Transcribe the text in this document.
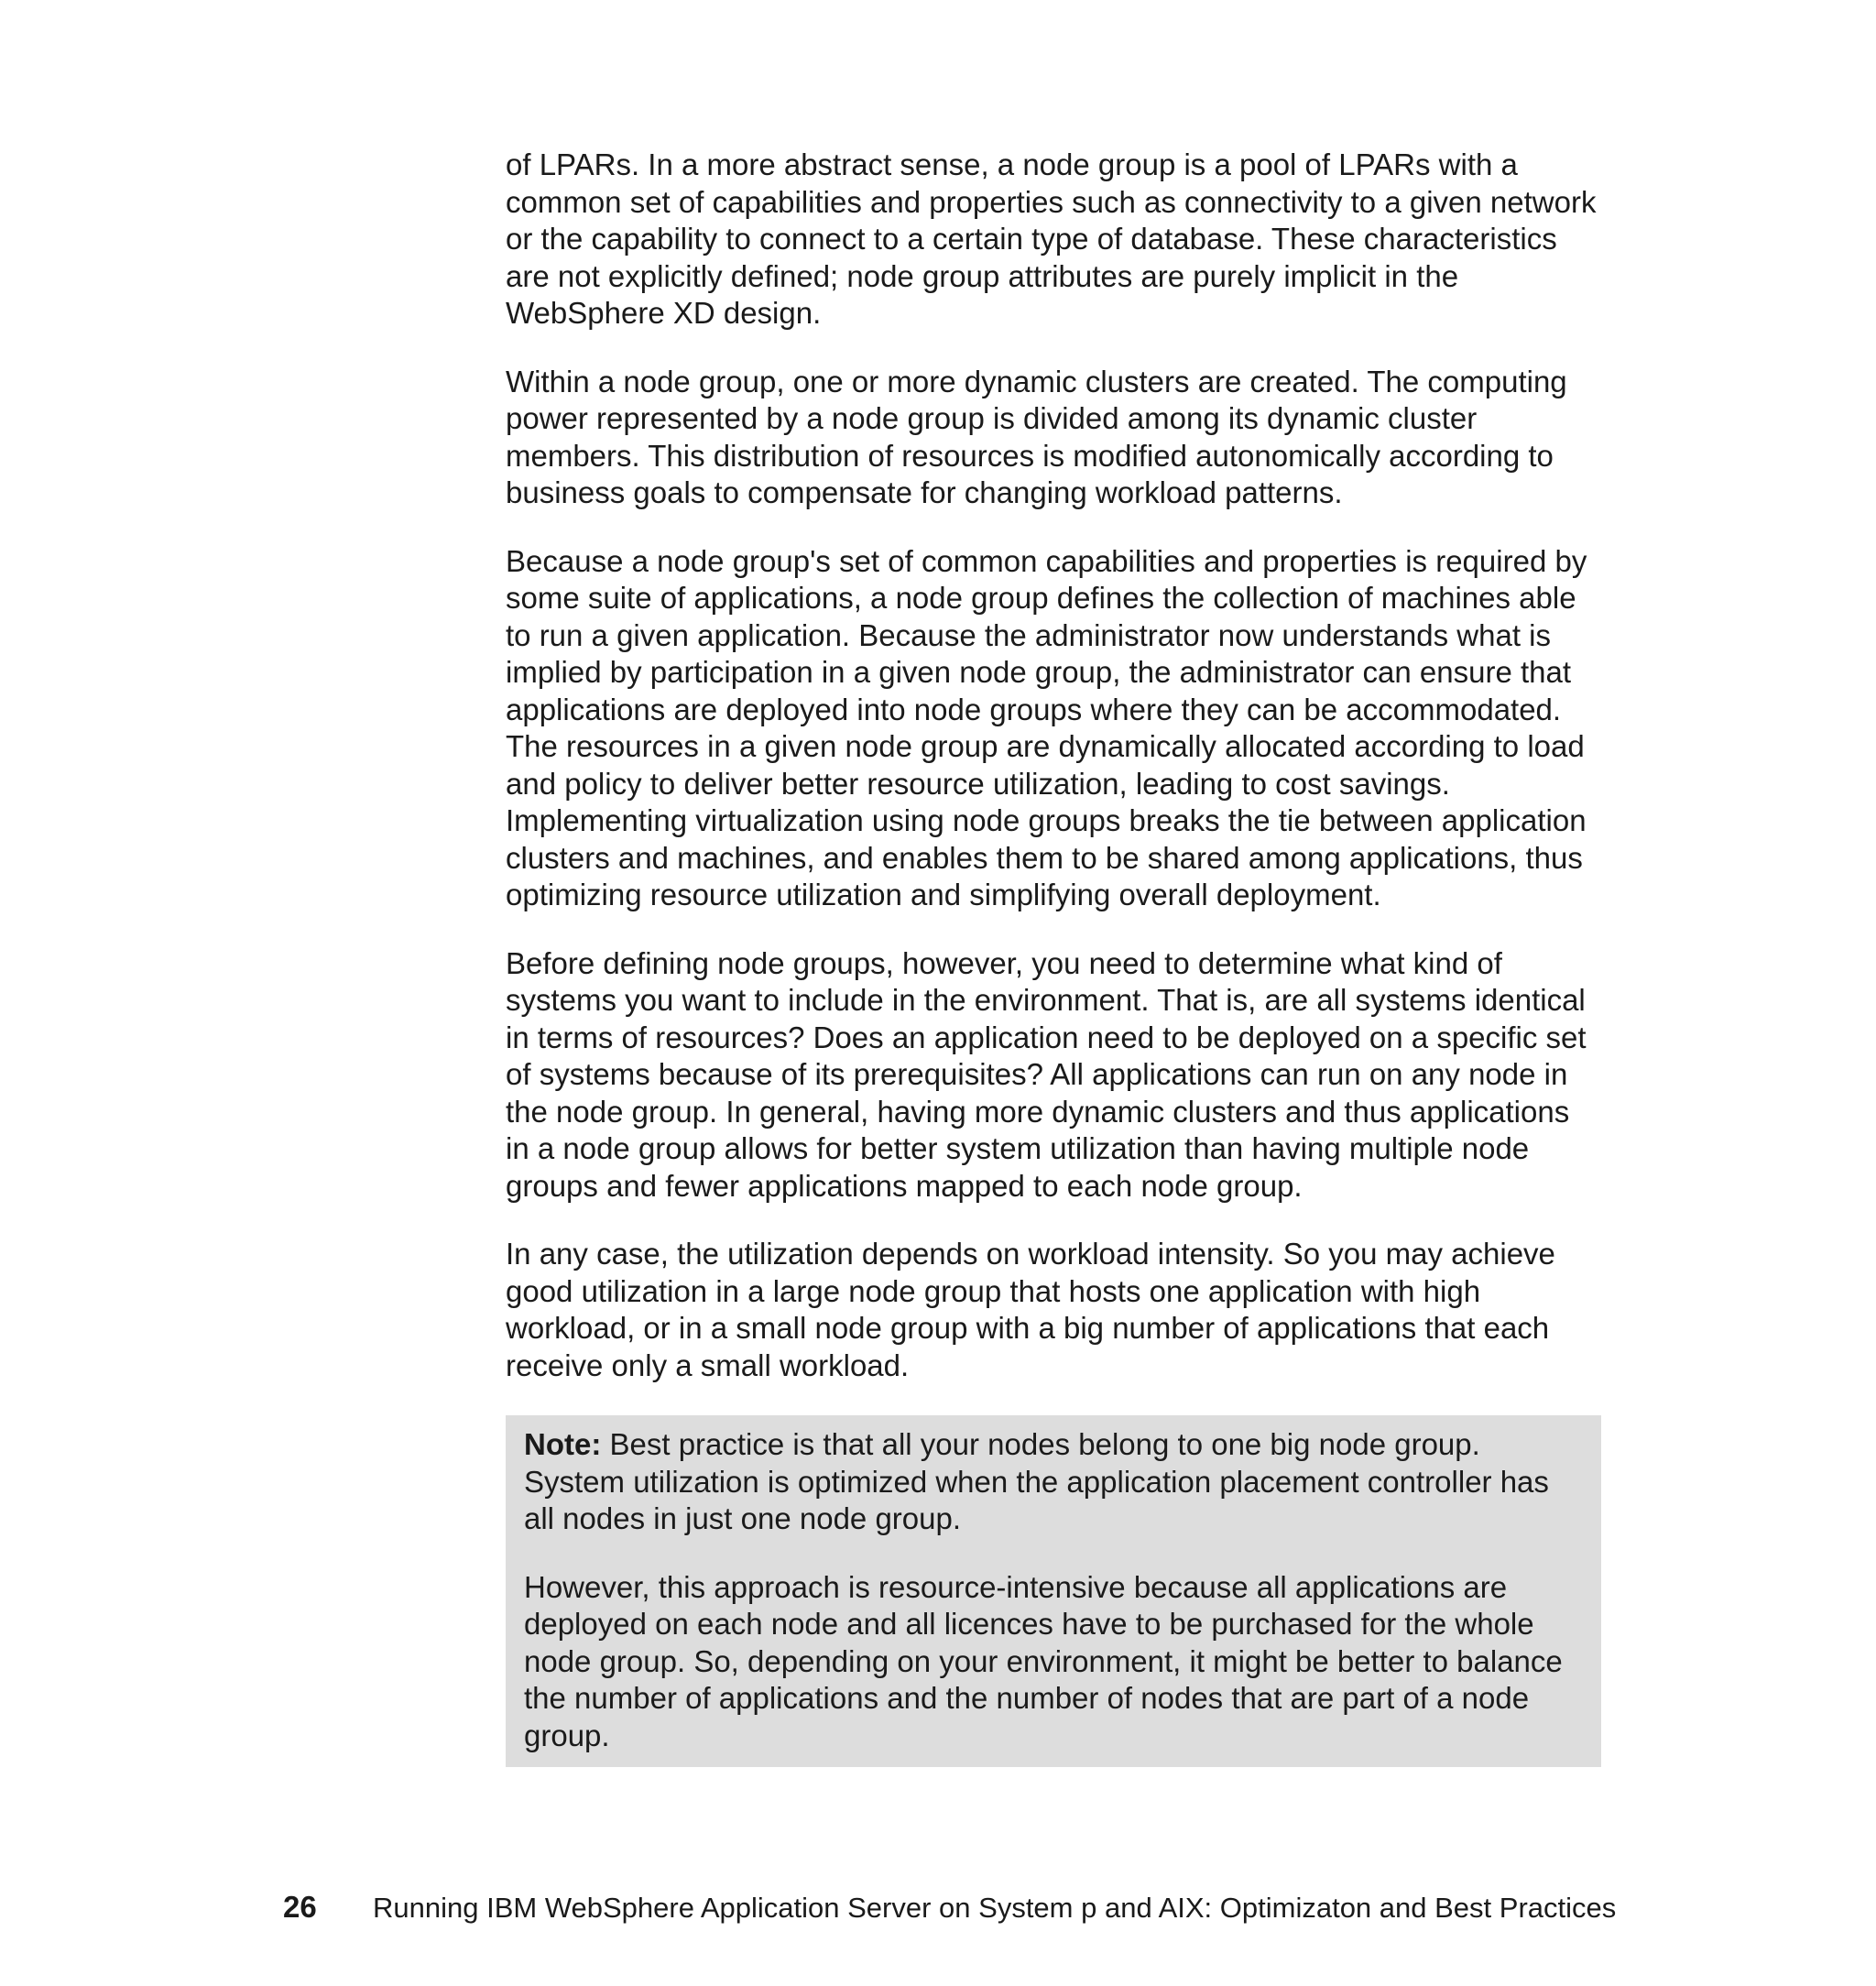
of LPARs. In a more abstract sense, a node group is a pool of LPARs with a common set of capabilities and properties such as connectivity to a given network or the capability to connect to a certain type of database. These characteristics are not explicitly defined; node group attributes are purely implicit in the WebSphere XD design.

Within a node group, one or more dynamic clusters are created. The computing power represented by a node group is divided among its dynamic cluster members. This distribution of resources is modified autonomically according to business goals to compensate for changing workload patterns.

Because a node group's set of common capabilities and properties is required by some suite of applications, a node group defines the collection of machines able to run a given application. Because the administrator now understands what is implied by participation in a given node group, the administrator can ensure that applications are deployed into node groups where they can be accommodated. The resources in a given node group are dynamically allocated according to load and policy to deliver better resource utilization, leading to cost savings. Implementing virtualization using node groups breaks the tie between application clusters and machines, and enables them to be shared among applications, thus optimizing resource utilization and simplifying overall deployment.

Before defining node groups, however, you need to determine what kind of systems you want to include in the environment. That is, are all systems identical in terms of resources? Does an application need to be deployed on a specific set of systems because of its prerequisites? All applications can run on any node in the node group. In general, having more dynamic clusters and thus applications in a node group allows for better system utilization than having multiple node groups and fewer applications mapped to each node group.

In any case, the utilization depends on workload intensity. So you may achieve good utilization in a large node group that hosts one application with high workload, or in a small node group with a big number of applications that each receive only a small workload.

Note: Best practice is that all your nodes belong to one big node group. System utilization is optimized when the application placement controller has all nodes in just one node group.

However, this approach is resource-intensive because all applications are deployed on each node and all licences have to be purchased for the whole node group. So, depending on your environment, it might be better to balance the number of applications and the number of nodes that are part of a node group.

26 Running IBM WebSphere Application Server on System p and AIX: Optimizaton and Best Practices
